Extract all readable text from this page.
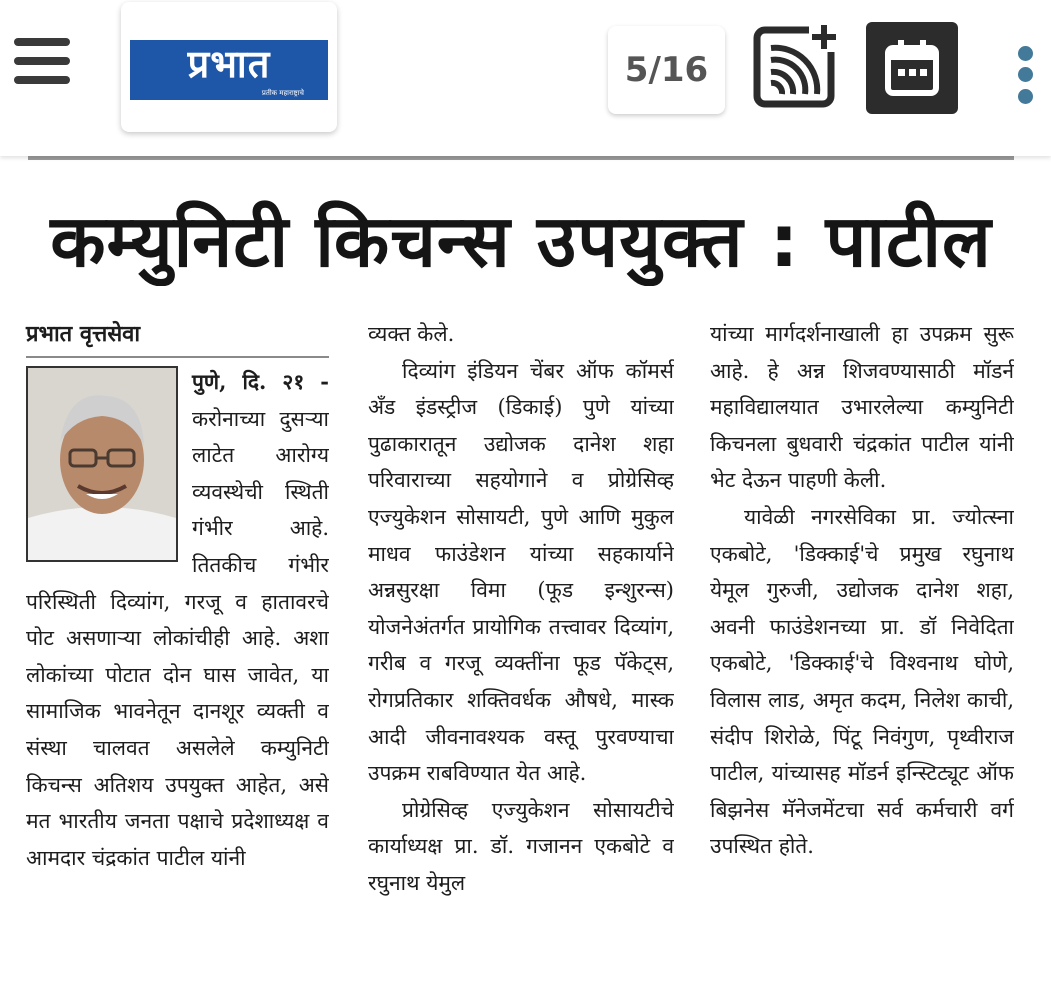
प्रभात
प्रतीक महाराष्ट्राचे
5/16
कम्युनिटी किचन्स उपयुक्त : पाटील
प्रभात वृत्तसेवा

पुणे, दि. २१ -
करोनाच्या दुसऱ्या लाटेत आरोग्य व्यवस्थेची स्थिती गंभीर आहे. तितकीच गंभीर परिस्थिती दिव्यांग, गरजू व हातावरचे पोट असणाऱ्या लोकांचीही आहे. अशा लोकांच्या पोटात दोन घास जावेत, या सामाजिक भावनेतून दानशूर व्यक्ती व संस्था चालवत असलेले कम्युनिटी किचन्स अतिशय उपयुक्त आहेत, असे मत भारतीय जनता पक्षाचे प्रदेशाध्यक्ष व आमदार चंद्रकांत पाटील यांनी

व्यक्त केले.

दिव्यांग इंडियन चेंबर ऑफ कॉमर्स अँड इंडस्ट्रीज (डिकाई) पुणे यांच्या पुढाकारातून उद्योजक दानेश शहा परिवाराच्या सहयोगाने व प्रोग्रेसिव्ह एज्युकेशन सोसायटी, पुणे आणि मुकुल माधव फाउंडेशन यांच्या सहकार्याने अन्नसुरक्षा विमा (फूड इन्शुरन्स) योजनेअंतर्गत प्रायोगिक तत्त्वावर दिव्यांग, गरीब व गरजू व्यक्तींना फूड पॅकेट्स, रोगप्रतिकार शक्तिवर्धक औषधे, मास्क आदी जीवनावश्यक वस्तू पुरवण्याचा उपक्रम राबविण्यात येत आहे.

प्रोग्रेसिव्ह एज्युकेशन सोसायटीचे कार्याध्यक्ष प्रा. डॉ. गजानन एकबोटे व रघुनाथ येमुल

यांच्या मार्गदर्शनाखाली हा उपक्रम सुरू आहे. हे अन्न शिजवण्यासाठी मॉडर्न महाविद्यालयात उभारलेल्या कम्युनिटी किचनला बुधवारी चंद्रकांत पाटील यांनी भेट देऊन पाहणी केली.

यावेळी नगरसेविका प्रा. ज्योत्स्ना एकबोटे, 'डिक्काई'चे प्रमुख रघुनाथ येमूल गुरुजी, उद्योजक दानेश शहा, अवनी फाउंडेशनच्या प्रा. डॉ निवेदिता एकबोटे, 'डिक्काई'चे विश्वनाथ घोणे, विलास लाड, अमृत कदम, निलेश काची, संदीप शिरोळे, पिंटू निवंगुण, पृथ्वीराज पाटील, यांच्यासह मॉडर्न इन्स्टिट्यूट ऑफ बिझनेस मॅनेजमेंटचा सर्व कर्मचारी वर्ग उपस्थित होते.
